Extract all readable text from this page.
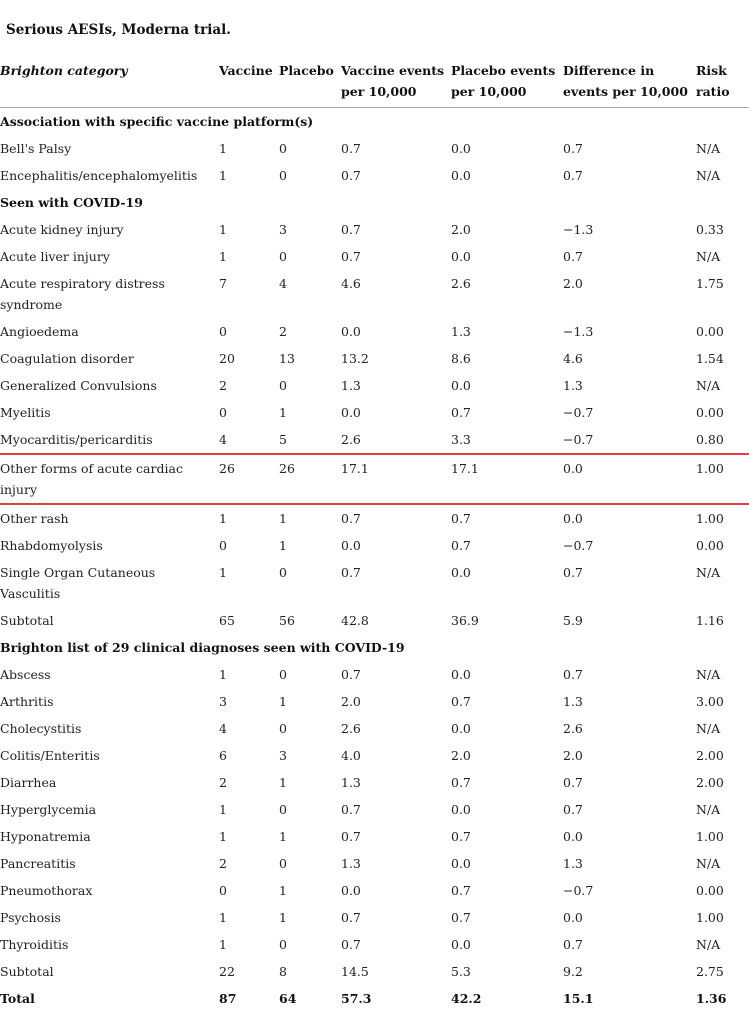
Serious AESIs, Moderna trial.
Brighton category	Vaccine	Placebo	Vaccine events per 10,000	Placebo events per 10,000	Difference in events per 10,000	Risk ratio
Association with specific vaccine platform(s)						
Bell's Palsy	1	0	0.7	0.0	0.7	N/A
Encephalitis/encephalomyelitis	1	0	0.7	0.0	0.7	N/A
Seen with COVID-19						
Acute kidney injury	1	3	0.7	2.0	−1.3	0.33
Acute liver injury	1	0	0.7	0.0	0.7	N/A
Acute respiratory distress syndrome	7	4	4.6	2.6	2.0	1.75
Angioedema	0	2	0.0	1.3	−1.3	0.00
Coagulation disorder	20	13	13.2	8.6	4.6	1.54
Generalized Convulsions	2	0	1.3	0.0	1.3	N/A
Myelitis	0	1	0.0	0.7	−0.7	0.00
Myocarditis/pericarditis	4	5	2.6	3.3	−0.7	0.80
Other forms of acute cardiac injury	26	26	17.1	17.1	0.0	1.00
Other rash	1	1	0.7	0.7	0.0	1.00
Rhabdomyolysis	0	1	0.0	0.7	−0.7	0.00
Single Organ Cutaneous Vasculitis	1	0	0.7	0.0	0.7	N/A
Subtotal	65	56	42.8	36.9	5.9	1.16
Brighton list of 29 clinical diagnoses seen with COVID-19						
Abscess	1	0	0.7	0.0	0.7	N/A
Arthritis	3	1	2.0	0.7	1.3	3.00
Cholecystitis	4	0	2.6	0.0	2.6	N/A
Colitis/Enteritis	6	3	4.0	2.0	2.0	2.00
Diarrhea	2	1	1.3	0.7	0.7	2.00
Hyperglycemia	1	0	0.7	0.0	0.7	N/A
Hyponatremia	1	1	0.7	0.7	0.0	1.00
Pancreatitis	2	0	1.3	0.0	1.3	N/A
Pneumothorax	0	1	0.0	0.7	−0.7	0.00
Psychosis	1	1	0.7	0.7	0.0	1.00
Thyroiditis	1	0	0.7	0.0	0.7	N/A
Subtotal	22	8	14.5	5.3	9.2	2.75
Total	87	64	57.3	42.2	15.1	1.36
